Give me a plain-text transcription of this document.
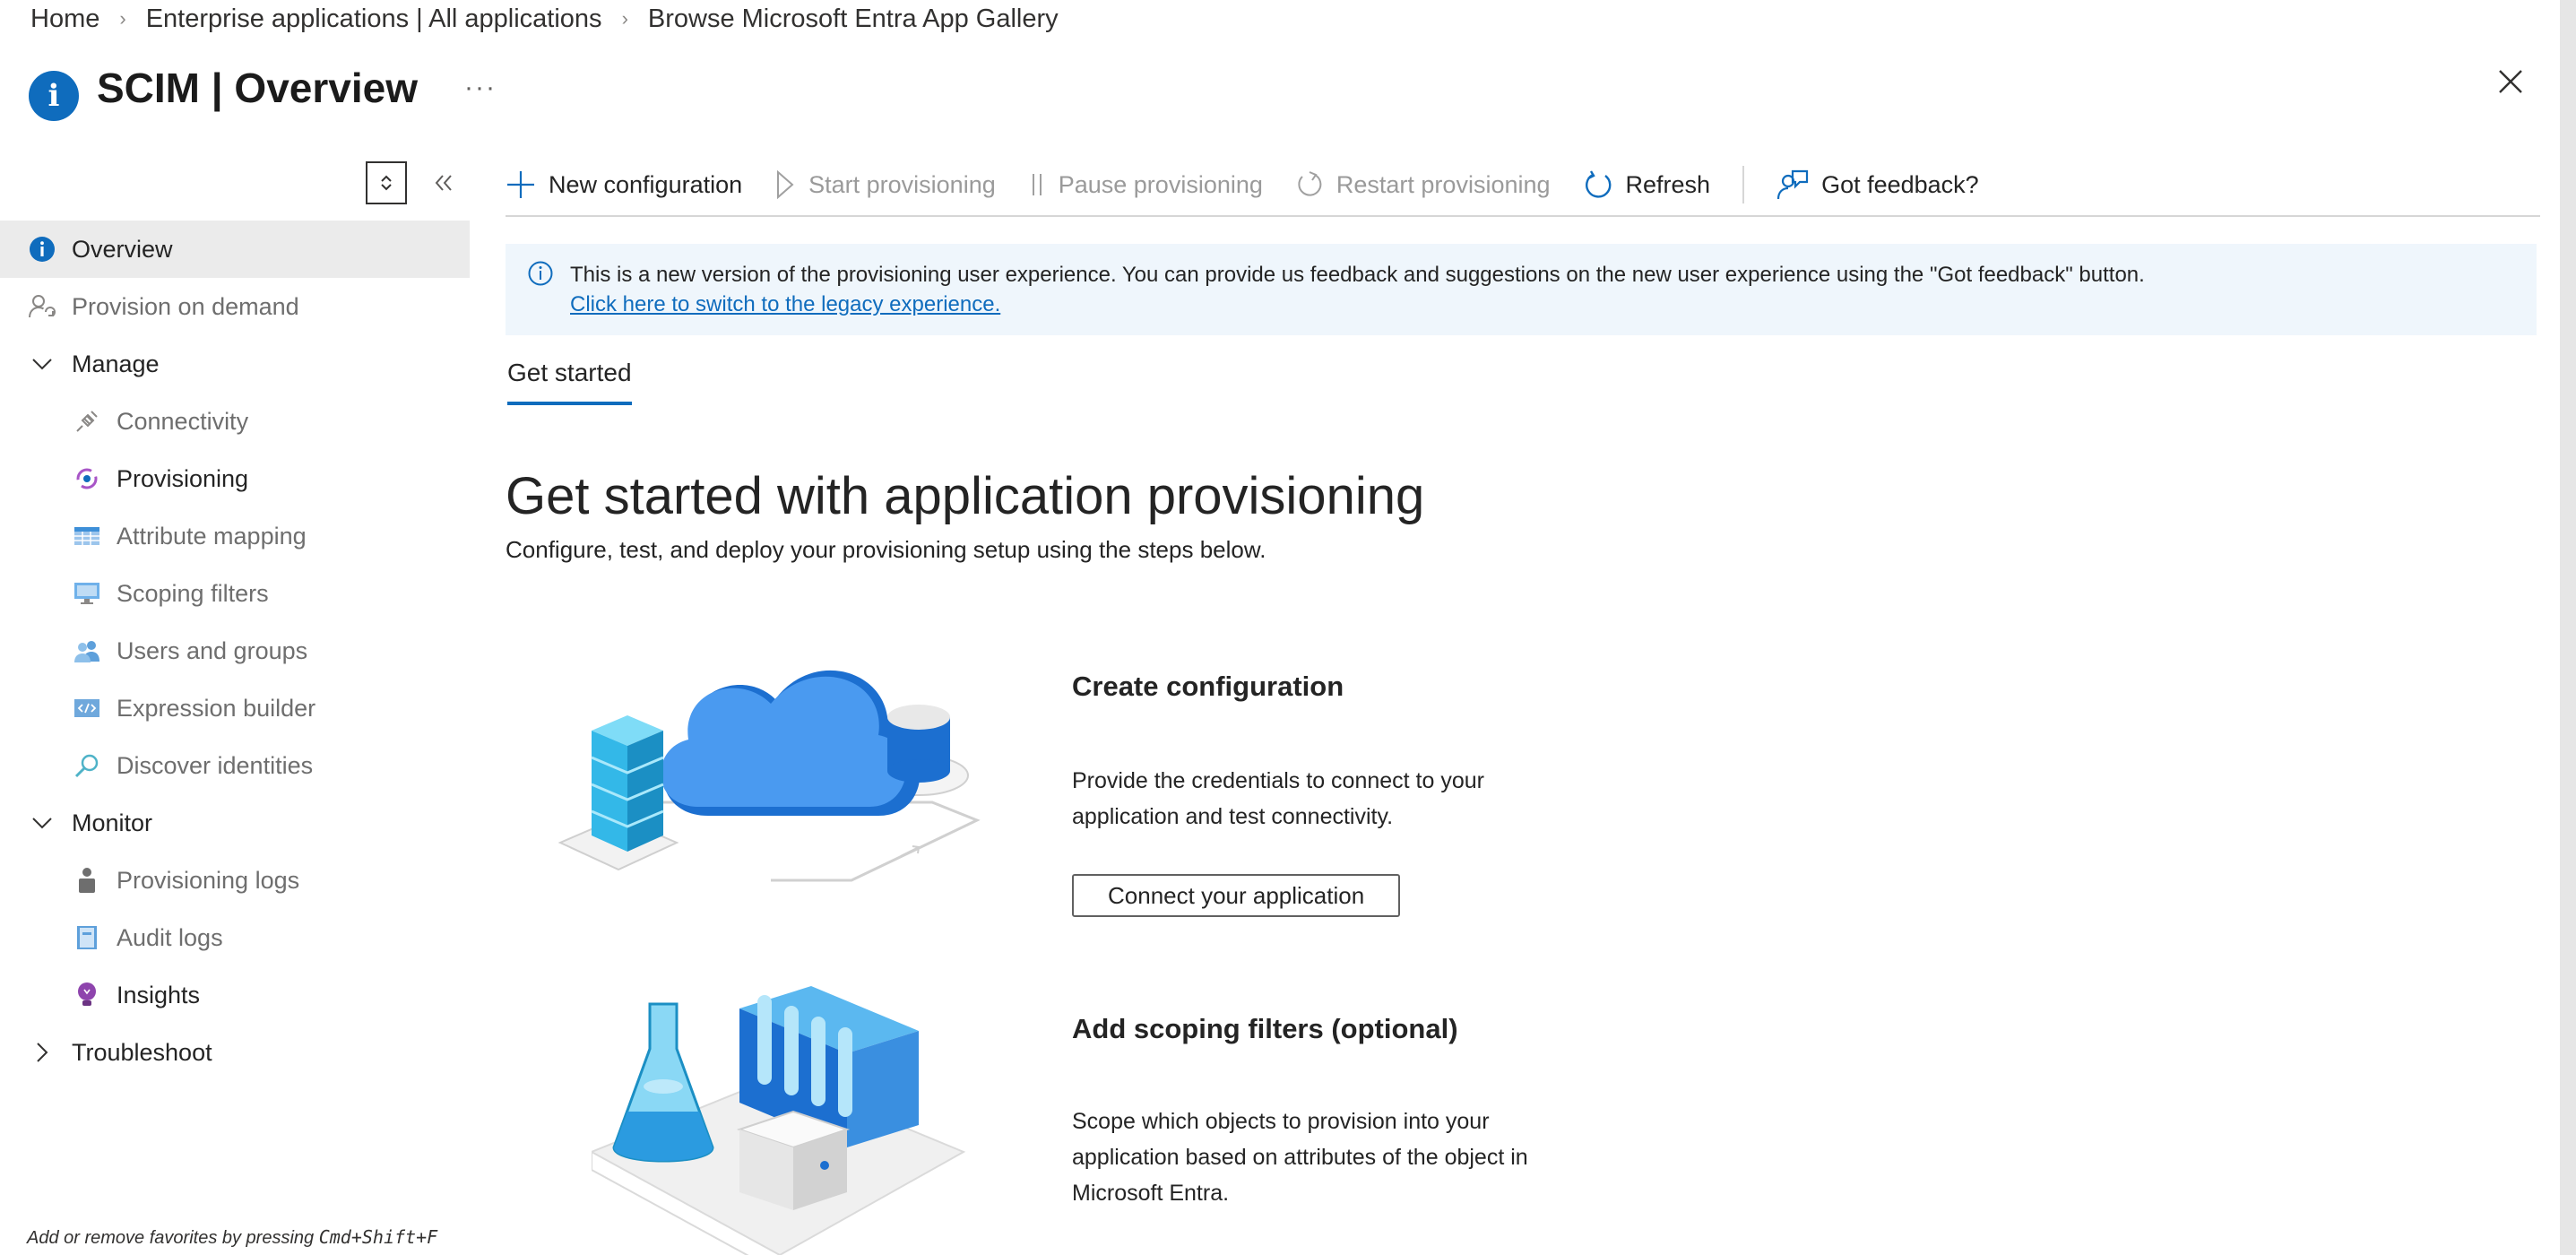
Home › Enterprise applications | All applications › Browse Microsoft Entra App Gallery
i SCIM | Overview ···
Overview
Provision on demand
Manage
Connectivity
Provisioning
Attribute mapping
Scoping filters
Users and groups
Expression builder
Discover identities
Monitor
Provisioning logs
Audit logs
Insights
Troubleshoot
Add or remove favorites by pressing Cmd+Shift+F
New configuration	Start provisioning	Pause provisioning	Restart provisioning	Refresh	Got feedback?
This is a new version of the provisioning user experience. You can provide us feedback and suggestions on the new user experience using the "Got feedback" button.
Click here to switch to the legacy experience.
Get started
Get started with application provisioning

Configure, test, and deploy your provisioning setup using the steps below.

Create configuration

Provide the credentials to connect to your application and test connectivity.

Connect your application
Add scoping filters (optional)

Scope which objects to provision into your application based on attributes of the object in Microsoft Entra.
